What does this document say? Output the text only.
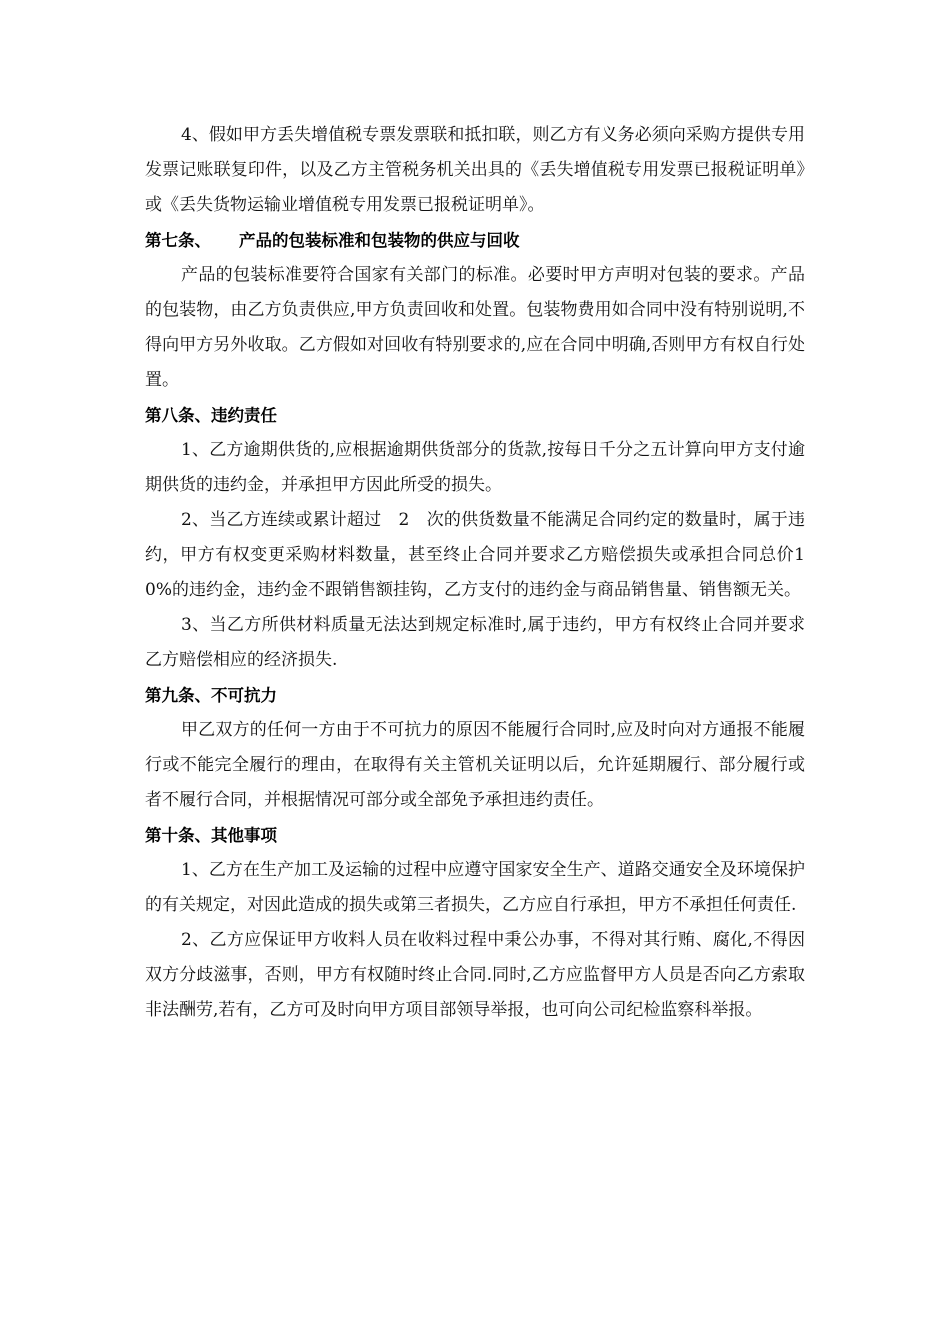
4、假如甲方丢失增值税专票发票联和抵扣联，则乙方有义务必须向采购方提供专用发票记账联复印件，以及乙方主管税务机关出具的《丢失增值税专用发票已报税证明单》或《丢失货物运输业增值税专用发票已报税证明单》。

第七条、 产品的包装标准和包装物的供应与回收

产品的包装标准要符合国家有关部门的标准。必要时甲方声明对包装的要求。产品的包装物，由乙方负责供应,甲方负责回收和处置。包装物费用如合同中没有特别说明,不得向甲方另外收取。乙方假如对回收有特别要求的,应在合同中明确,否则甲方有权自行处置。

第八条、违约责任

1、乙方逾期供货的,应根据逾期供货部分的货款,按每日千分之五计算向甲方支付逾期供货的违约金，并承担甲方因此所受的损失。

2、当乙方连续或累计超过　2　次的供货数量不能满足合同约定的数量时，属于违约，甲方有权变更采购材料数量，甚至终止合同并要求乙方赔偿损失或承担合同总价10%的违约金，违约金不跟销售额挂钩，乙方支付的违约金与商品销售量、销售额无关。

3、当乙方所供材料质量无法达到规定标准时,属于违约，甲方有权终止合同并要求乙方赔偿相应的经济损失.

第九条、不可抗力

甲乙双方的任何一方由于不可抗力的原因不能履行合同时,应及时向对方通报不能履行或不能完全履行的理由，在取得有关主管机关证明以后，允许延期履行、部分履行或者不履行合同，并根据情况可部分或全部免予承担违约责任。

第十条、其他事项

1、乙方在生产加工及运输的过程中应遵守国家安全生产、道路交通安全及环境保护的有关规定，对因此造成的损失或第三者损失，乙方应自行承担，甲方不承担任何责任.

2、乙方应保证甲方收料人员在收料过程中秉公办事，不得对其行贿、腐化,不得因双方分歧滋事，否则，甲方有权随时终止合同.同时,乙方应监督甲方人员是否向乙方索取非法酬劳,若有，乙方可及时向甲方项目部领导举报，也可向公司纪检监察科举报。
